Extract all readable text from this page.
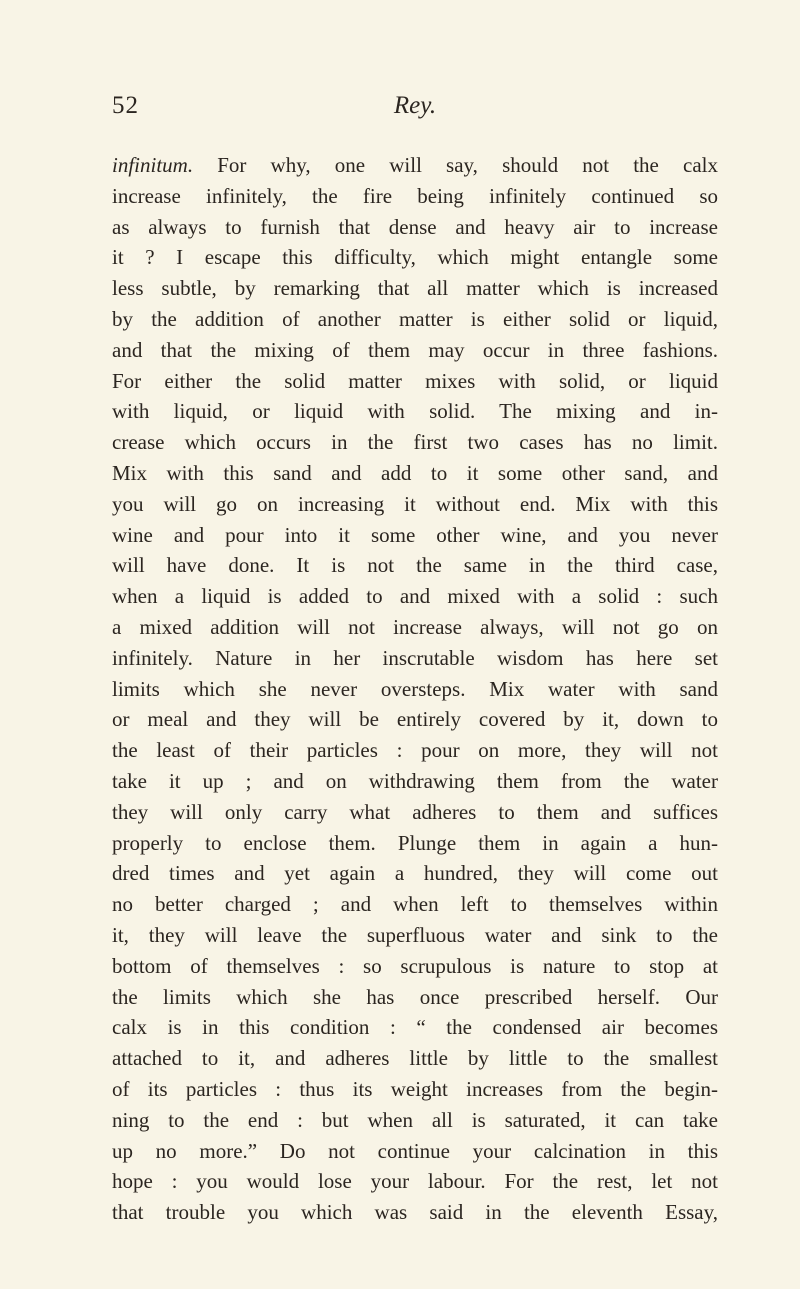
52	Rey.
infinitum. For why, one will say, should not the calx
increase infinitely, the fire being infinitely continued so
as always to furnish that dense and heavy air to increase
it ? I escape this difficulty, which might entangle some
less subtle, by remarking that all matter which is increased
by the addition of another matter is either solid or liquid,
and that the mixing of them may occur in three fashions.
For either the solid matter mixes with solid, or liquid
with liquid, or liquid with solid. The mixing and in-
crease which occurs in the first two cases has no limit.
Mix with this sand and add to it some other sand, and
you will go on increasing it without end. Mix with this
wine and pour into it some other wine, and you never
will have done. It is not the same in the third case,
when a liquid is added to and mixed with a solid : such
a mixed addition will not increase always, will not go on
infinitely. Nature in her inscrutable wisdom has here set
limits which she never oversteps. Mix water with sand
or meal and they will be entirely covered by it, down to
the least of their particles : pour on more, they will not
take it up ; and on withdrawing them from the water
they will only carry what adheres to them and suffices
properly to enclose them. Plunge them in again a hun-
dred times and yet again a hundred, they will come out
no better charged ; and when left to themselves within
it, they will leave the superfluous water and sink to the
bottom of themselves : so scrupulous is nature to stop at
the limits which she has once prescribed herself. Our
calx is in this condition : “ the condensed air becomes
attached to it, and adheres little by little to the smallest
of its particles : thus its weight increases from the begin-
ning to the end : but when all is saturated, it can take
up no more.” Do not continue your calcination in this
hope : you would lose your labour. For the rest, let not
that trouble you which was said in the eleventh Essay,
